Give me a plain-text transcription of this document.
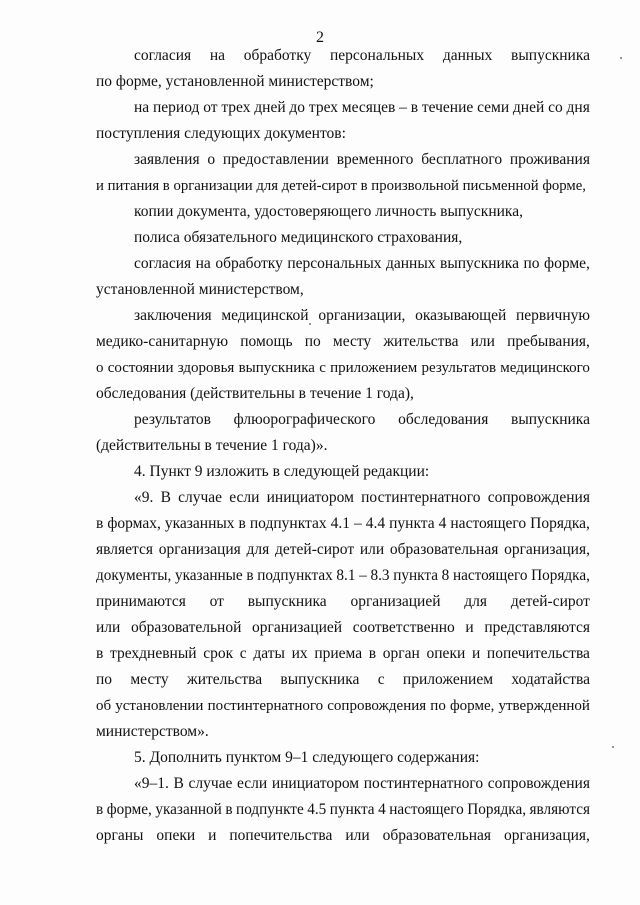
2
согласия на обработку персональных данных выпускника
по форме, установленной министерством;
на период от трех дней до трех месяцев – в течение семи дней со дня
поступления следующих документов:
заявления о предоставлении временного бесплатного проживания
и питания в организации для детей-сирот в произвольной письменной форме,
копии документа, удостоверяющего личность выпускника,
полиса обязательного медицинского страхования,
согласия на обработку персональных данных выпускника по форме,
установленной министерством,
заключения медицинской организации, оказывающей первичную
медико-санитарную помощь по месту жительства или пребывания,
о состоянии здоровья выпускника с приложением результатов медицинского
обследования (действительны в течение 1 года),
результатов флюорографического обследования выпускника
(действительны в течение 1 года)».
4. Пункт 9 изложить в следующей редакции:
«9. В случае если инициатором постинтернатного сопровождения
в формах, указанных в подпунктах 4.1 – 4.4 пункта 4 настоящего Порядка,
является организация для детей-сирот или образовательная организация,
документы, указанные в подпунктах 8.1 – 8.3 пункта 8 настоящего Порядка,
принимаются от выпускника организацией для детей-сирот
или образовательной организацией соответственно и представляются
в трехдневный срок с даты их приема в орган опеки и попечительства
по месту жительства выпускника с приложением ходатайства
об установлении постинтернатного сопровождения по форме, утвержденной
министерством».
5. Дополнить пунктом 9–1 следующего содержания:
«9–1. В случае если инициатором постинтернатного сопровождения
в форме, указанной в подпункте 4.5 пункта 4 настоящего Порядка, являются
органы опеки и попечительства или образовательная организация,
